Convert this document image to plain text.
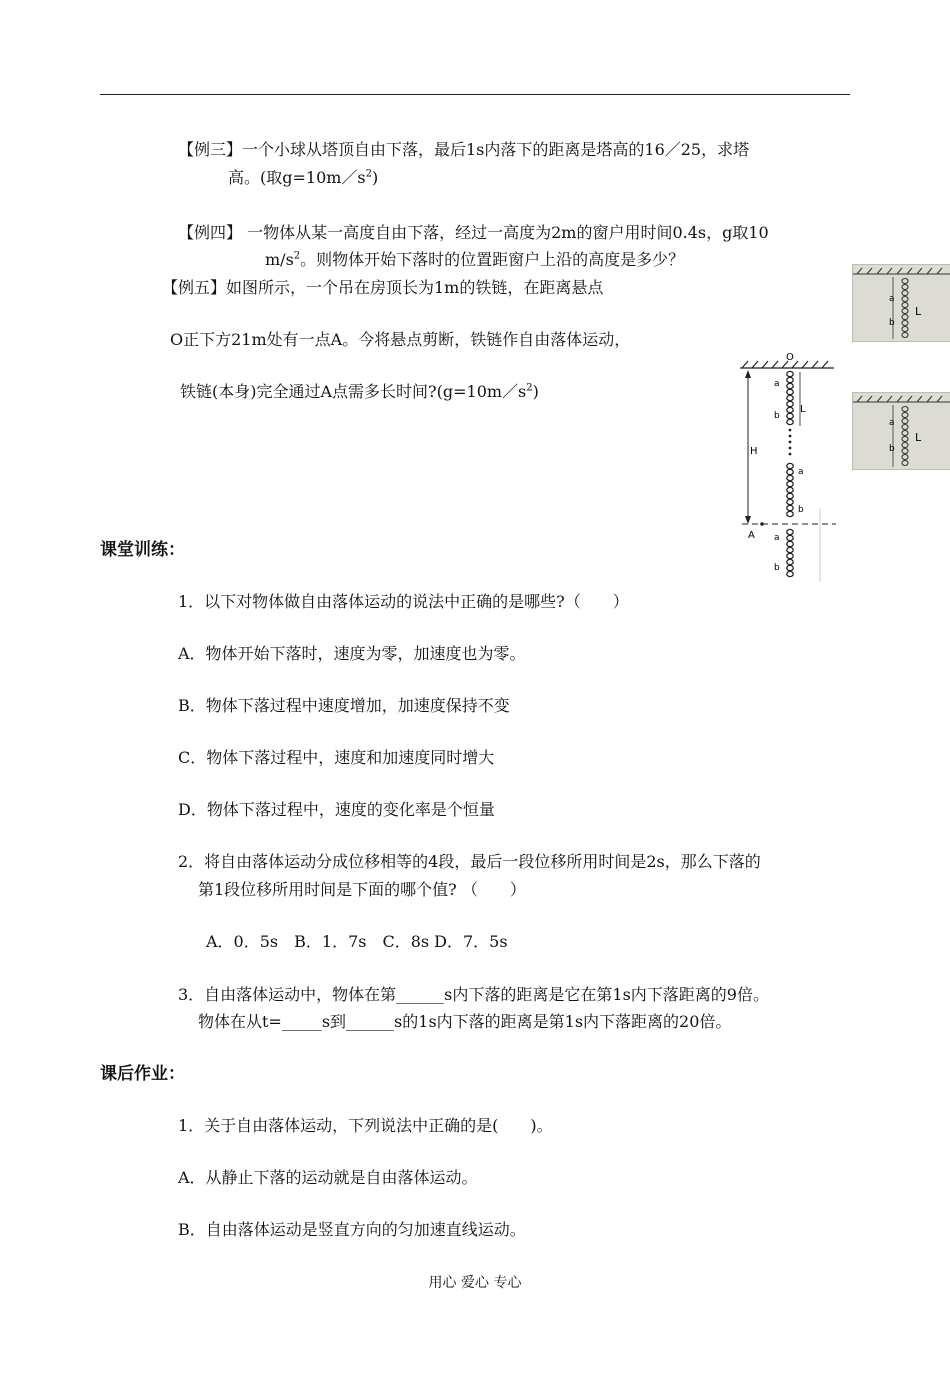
【例三】一个小球从塔顶自由下落，最后1s内落下的距离是塔高的16／25，求塔
高。(取$g=10m/s^2$)
【例四】 一物体从某一高度自由下落，经过一高度为2m的窗户用时间0.4s，g取10
$m/s^2$。则物体开始下落时的位置距窗户上沿的高度是多少？
【例五】如图所示，一个吊在房顶长为1m的铁链，在距离悬点
O正下方21m处有一点A。今将悬点剪断，铁链作自由落体运动，
铁链(本身)完全通过A点需多长时间$?(g=10m/s^2)$
O
H
L
a
b
a
b
a
b
A
a
b
L
a
b
L
课堂训练：
1．以下对物体做自由落体运动的说法中正确的是哪些?（　　）
A．物体开始下落时，速度为零，加速度也为零。
B．物体下落过程中速度增加，加速度保持不变
C．物体下落过程中，速度和加速度同时增大
D．物体下落过程中，速度的变化率是个恒量
2．将自由落体运动分成位移相等的4段，最后一段位移所用时间是2s，那么下落的
第1段位移所用时间是下面的哪个值? （　　）
A．0．5s　B．1．7s　C．8s D．7．5s
3．自由落体运动中，物体在第______s内下落的距离是它在第1s内下落距离的9倍。
物体在从t=_____s到______s的1s内下落的距离是第1s内下落距离的20倍。
课后作业：
1．关于自由落体运动，下列说法中正确的是(　　)。
A．从静止下落的运动就是自由落体运动。
B．自由落体运动是竖直方向的匀加速直线运动。
用心 爱心 专心
